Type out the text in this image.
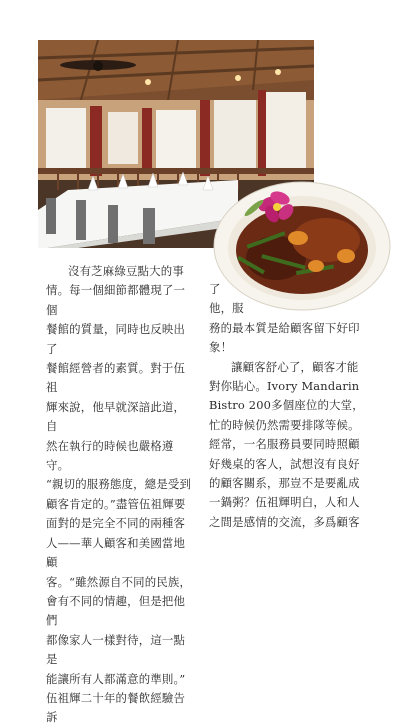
沒有芝麻綠豆點大的事

情。每一個細節都體現了一個

餐館的質量，同時也反映出了

餐館經營者的素質。對于伍祖

輝來說，他早就深諳此道，自

然在執行的時候也嚴格遵守。

“親切的服務態度，總是受到

顧客肯定的。”盡管伍祖輝要

面對的是完全不同的兩種客

人——華人顧客和美國當地顧

客。“雖然源自不同的民族，

會有不同的情趣，但是把他們

都像家人一樣對待，這一點是

能讓所有人都滿意的準則。”

伍祖輝二十年的餐飲經驗告訴

了

他，服

務的最本質是給顧客留下好印

象！

讓顧客舒心了，顧客才能

對你貼心。Ivory Mandarin

Bistro 200多個座位的大堂，

忙的時候仍然需要排隊等候。

經常，一名服務員要同時照顧

好幾桌的客人，試想沒有良好

的顧客關系，那豈不是要亂成

一鍋粥？伍祖輝明白，人和人

之間是感情的交流，多爲顧客
